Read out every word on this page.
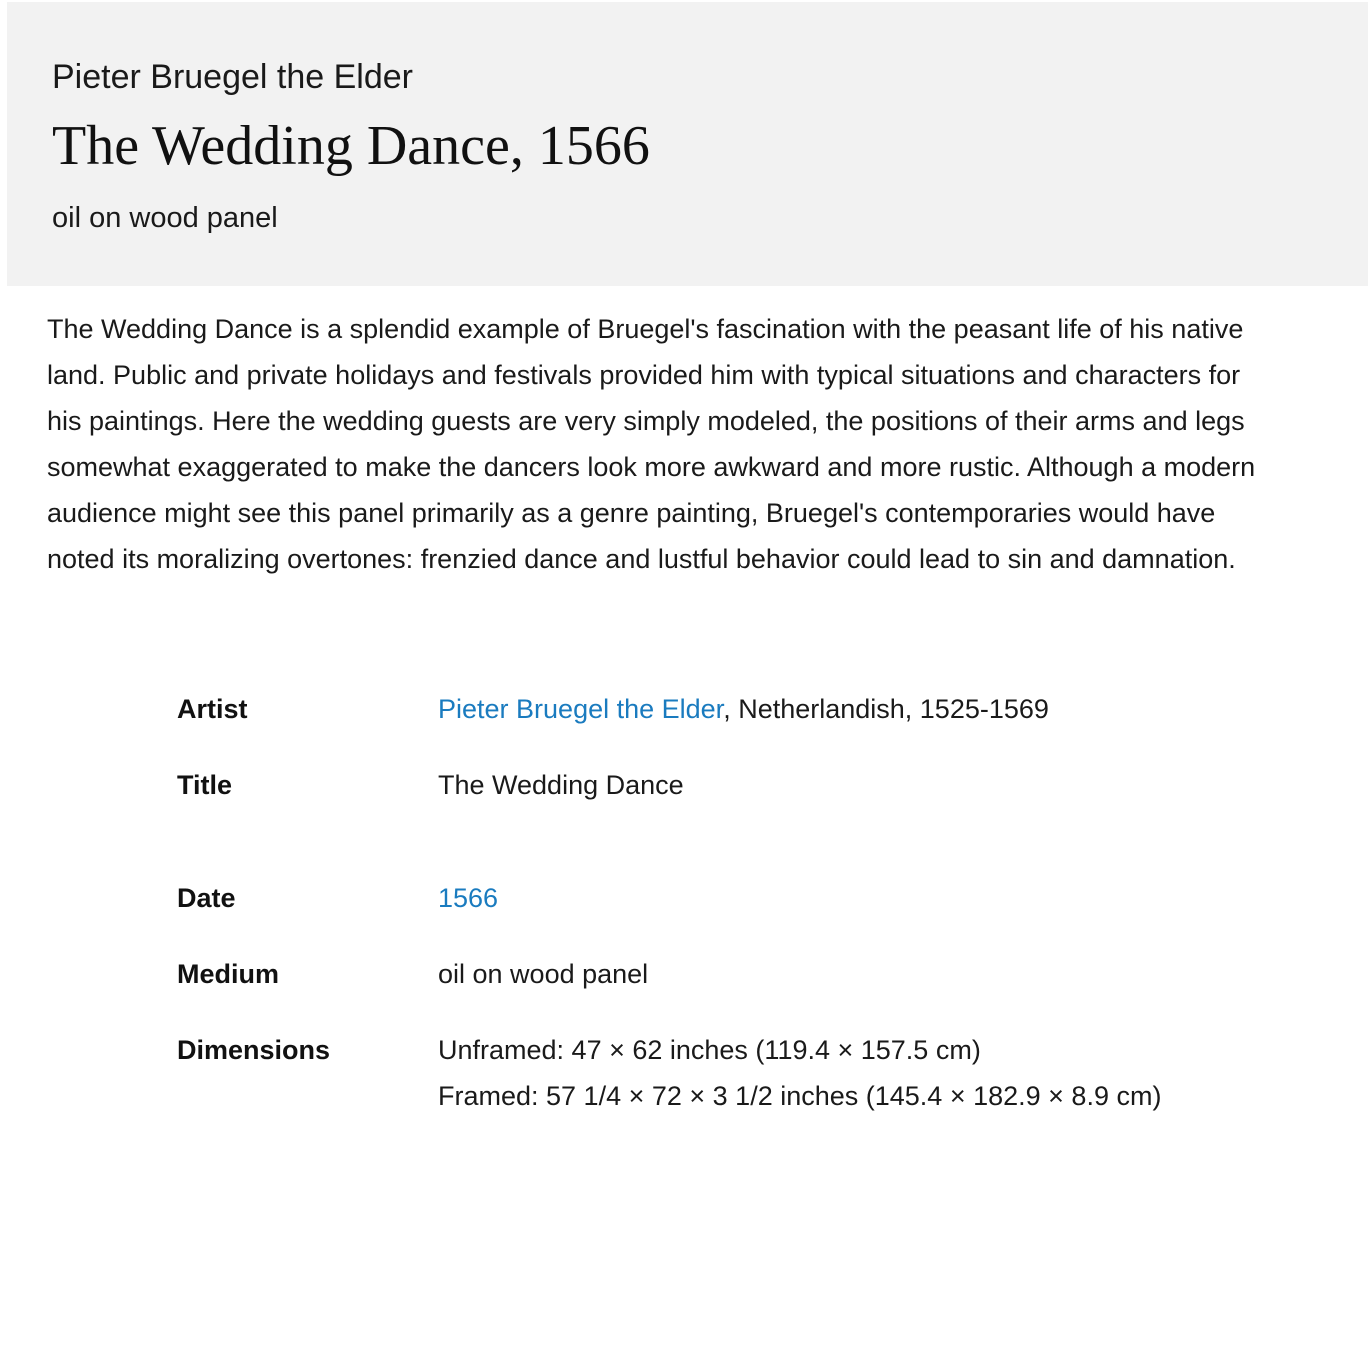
Pieter Bruegel the Elder
The Wedding Dance, 1566
oil on wood panel

The Wedding Dance is a splendid example of Bruegel's fascination with the peasant life of his native land. Public and private holidays and festivals provided him with typical situations and characters for his paintings. Here the wedding guests are very simply modeled, the positions of their arms and legs somewhat exaggerated to make the dancers look more awkward and more rustic. Although a modern audience might see this panel primarily as a genre painting, Bruegel's contemporaries would have noted its moralizing overtones: frenzied dance and lustful behavior could lead to sin and damnation.

Artist	Pieter Bruegel the Elder, Netherlandish, 1525-1569
Title	The Wedding Dance
Date	1566
Medium	oil on wood panel
Dimensions	Unframed: 47 × 62 inches (119.4 × 157.5 cm)
Framed: 57 1/4 × 72 × 3 1/2 inches (145.4 × 182.9 × 8.9 cm)
